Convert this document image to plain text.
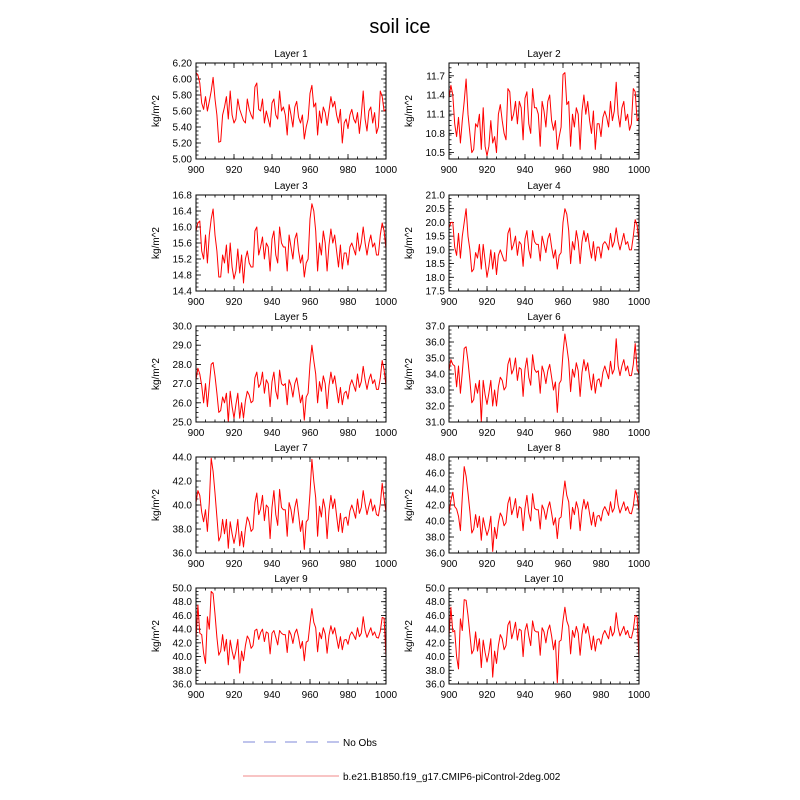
soil ice
Layer 1
kg/m^2
900 920 940 960 980 1000
5.00
5.20
5.40
5.60
5.80
6.00
6.20
Layer 2
kg/m^2
900 920 940 960 980 1000
10.5
10.8
11.1
11.4
11.7
Layer 3
kg/m^2
900 920 940 960 980 1000
14.4
14.8
15.2
15.6
16.0
16.4
16.8
Layer 4
kg/m^2
900 920 940 960 980 1000
17.5
18.0
18.5
19.0
19.5
20.0
20.5
21.0
Layer 5
kg/m^2
900 920 940 960 980 1000
25.0
26.0
27.0
28.0
29.0
30.0
Layer 6
kg/m^2
900 920 940 960 980 1000
31.0
32.0
33.0
34.0
35.0
36.0
37.0
Layer 7
kg/m^2
900 920 940 960 980 1000
36.0
38.0
40.0
42.0
44.0
Layer 8
kg/m^2
900 920 940 960 980 1000
36.0
38.0
40.0
42.0
44.0
46.0
48.0
Layer 9
kg/m^2
900 920 940 960 980 1000
36.0
38.0
40.0
42.0
44.0
46.0
48.0
50.0
Layer 10
kg/m^2
900 920 940 960 980 1000
36.0
38.0
40.0
42.0
44.0
46.0
48.0
50.0
No Obs
b.e21.B1850.f19_g17.CMIP6-piControl-2deg.002
